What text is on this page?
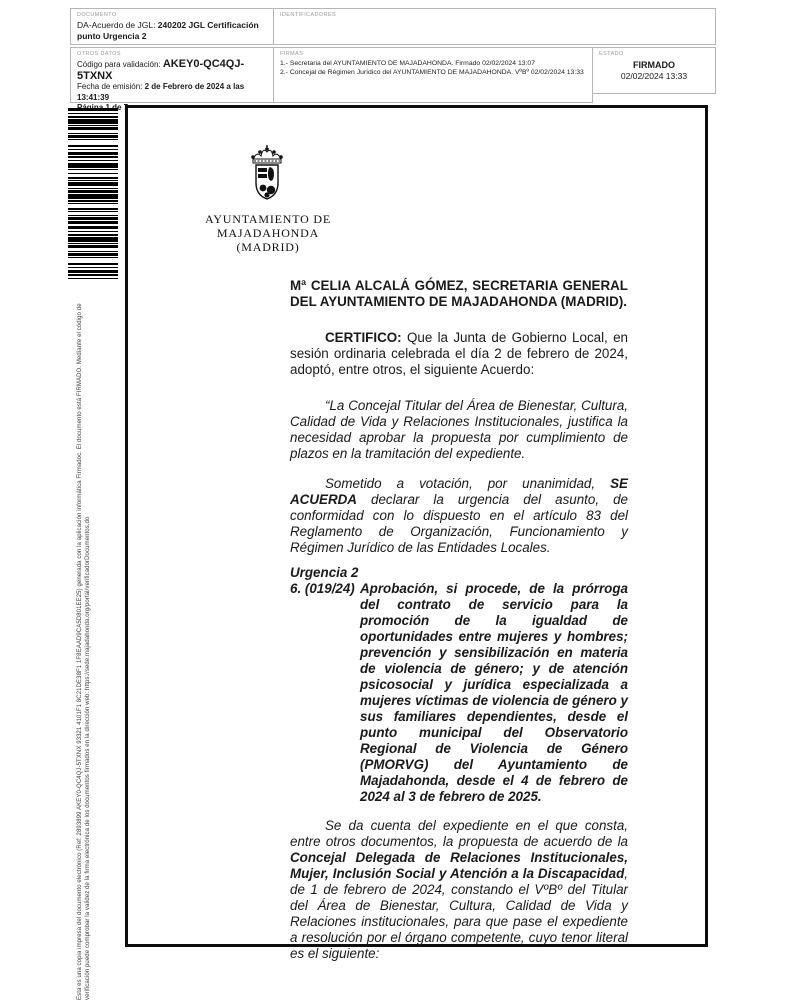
DOCUMENTO
DA-Acuerdo de JGL: 240202 JGL Certificación punto Urgencia 2
IDENTIFICADORES
OTROS DATOS
Código para validación: AKEY0-QC4QJ-5TXNX
Fecha de emisión: 2 de Febrero de 2024 a las 13:41:39
FIRMAS
1.- Secretaria del AYUNTAMIENTO DE MAJADAHONDA. Firmado 02/02/2024 13:07
2.- Concejal de Régimen Jurídico del AYUNTAMIENTO DE MAJADAHONDA. VºBº 02/02/2024 13:33
ESTADO
FIRMADO
02/02/2024 13:33
Esta es una copia impresa del documento electrónico (Ref: 2893899 AKEY0-QC4QJ-5TXNX 93321 4101F1 8C21DE38F1 1F8EAAD9CA5D801EE25) generada con la aplicación informática Firmadoc. El documento está FIRMADO. Mediante el código de verificación puede comprobar la validez de la firma electrónica de los documentos firmados en la dirección web: https://sede.majadahonda.org/portal/verificadorDocumentos.do
AYUNTAMIENTO DE
MAJADAHONDA
(MADRID)

Mª CELIA ALCALÁ GÓMEZ, SECRETARIA GENERAL DEL AYUNTAMIENTO DE MAJADAHONDA (MADRID).

CERTIFICO: Que la Junta de Gobierno Local, en sesión ordinaria celebrada el día 2 de febrero de 2024, adoptó, entre otros, el siguiente Acuerdo:

“La Concejal Titular del Área de Bienestar, Cultura, Calidad de Vida y Relaciones Institucionales, justifica la necesidad aprobar la propuesta por cumplimiento de plazos en la tramitación del expediente.

Sometido a votación, por unanimidad, SE ACUERDA declarar la urgencia del asunto, de conformidad con lo dispuesto en el artículo 83 del Reglamento de Organización, Funcionamiento y Régimen Jurídico de las Entidades Locales.

Urgencia 2

6. (019/24) Aprobación, si procede, de la prórroga del contrato de servicio para la promoción de la igualdad de oportunidades entre mujeres y hombres; prevención y sensibilización en materia de violencia de género; y de atención psicosocial y jurídica especializada a mujeres víctimas de violencia de género y sus familiares dependientes, desde el punto municipal del Observatorio Regional de Violencia de Género (PMORVG) del Ayuntamiento de Majadahonda, desde el 4 de febrero de 2024 al 3 de febrero de 2025.

Se da cuenta del expediente en el que consta, entre otros documentos, la propuesta de acuerdo de la Concejal Delegada de Relaciones Institucionales, Mujer, Inclusión Social y Atención a la Discapacidad, de 1 de febrero de 2024, constando el VºBº del Titular del Área de Bienestar, Cultura, Calidad de Vida y Relaciones institucionales, para que pase el expediente a resolución por el órgano competente, cuyo tenor literal es el siguiente:
